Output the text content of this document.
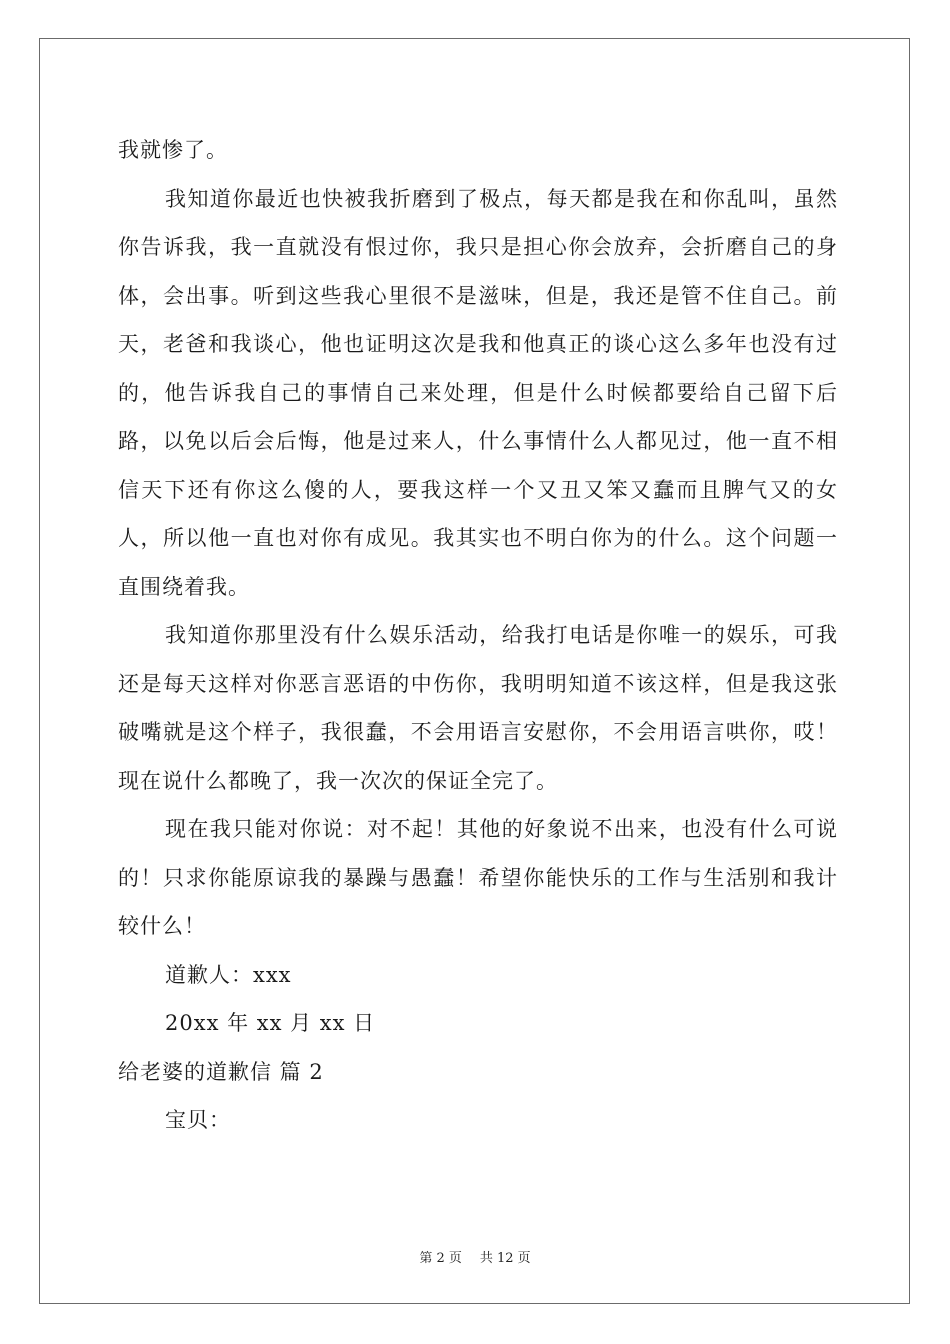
我就惨了。

我知道你最近也快被我折磨到了极点，每天都是我在和你乱叫，虽然你告诉我，我一直就没有恨过你，我只是担心你会放弃，会折磨自己的身体，会出事。听到这些我心里很不是滋味，但是，我还是管不住自己。前天，老爸和我谈心，他也证明这次是我和他真正的谈心这么多年也没有过的，他告诉我自己的事情自己来处理，但是什么时候都要给自己留下后路，以免以后会后悔，他是过来人，什么事情什么人都见过，他一直不相信天下还有你这么傻的人，要我这样一个又丑又笨又蠢而且脾气又的女人，所以他一直也对你有成见。我其实也不明白你为的什么。这个问题一直围绕着我。

我知道你那里没有什么娱乐活动，给我打电话是你唯一的娱乐，可我还是每天这样对你恶言恶语的中伤你，我明明知道不该这样，但是我这张破嘴就是这个样子，我很蠢，不会用语言安慰你，不会用语言哄你，哎！现在说什么都晚了，我一次次的保证全完了。

现在我只能对你说：对不起！其他的好象说不出来，也没有什么可说的！只求你能原谅我的暴躁与愚蠢！希望你能快乐的工作与生活别和我计较什么！

道歉人：xxx

20xx 年 xx 月 xx 日

给老婆的道歉信 篇 2

宝贝：

第 2 页 共 12 页
